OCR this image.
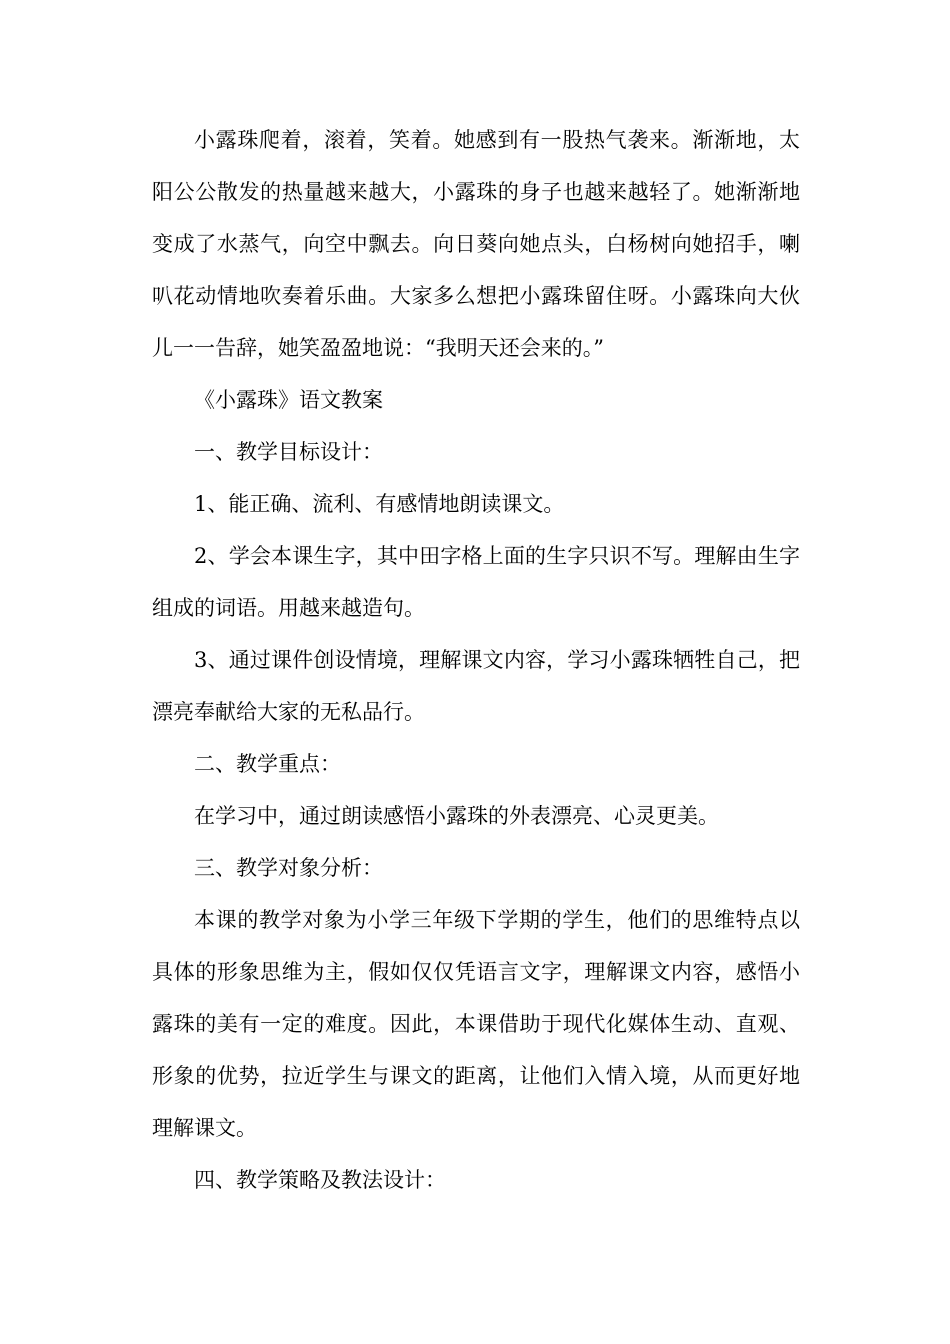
小露珠爬着，滚着，笑着。她感到有一股热气袭来。渐渐地，太阳公公散发的热量越来越大，小露珠的身子也越来越轻了。她渐渐地变成了水蒸气，向空中飘去。向日葵向她点头，白杨树向她招手，喇叭花动情地吹奏着乐曲。大家多么想把小露珠留住呀。小露珠向大伙儿一一告辞，她笑盈盈地说：“我明天还会来的。”

《小露珠》语文教案

一、教学目标设计：

1、能正确、流利、有感情地朗读课文。

2、学会本课生字，其中田字格上面的生字只识不写。理解由生字组成的词语。用越来越造句。

3、通过课件创设情境，理解课文内容，学习小露珠牺牲自己，把漂亮奉献给大家的无私品行。

二、教学重点：

在学习中，通过朗读感悟小露珠的外表漂亮、心灵更美。

三、教学对象分析：

本课的教学对象为小学三年级下学期的学生，他们的思维特点以具体的形象思维为主，假如仅仅凭语言文字，理解课文内容，感悟小露珠的美有一定的难度。因此，本课借助于现代化媒体生动、直观、形象的优势，拉近学生与课文的距离，让他们入情入境，从而更好地理解课文。

四、教学策略及教法设计：
